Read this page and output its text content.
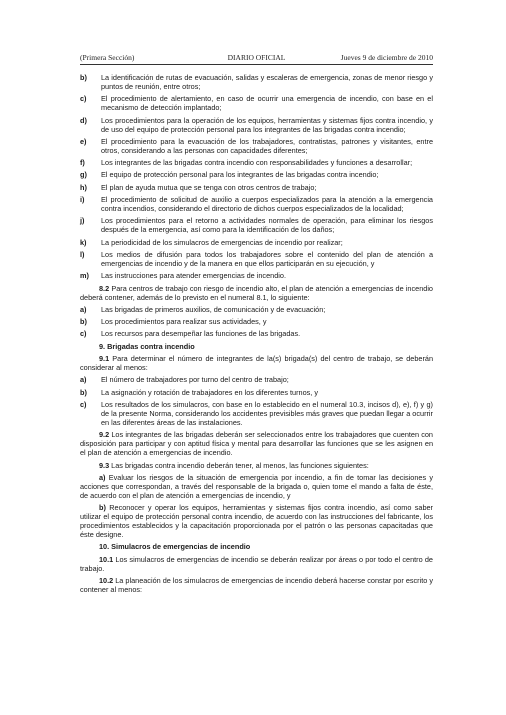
(Primera Sección)	DIARIO OFICIAL	Jueves 9 de diciembre de 2010
b) La identificación de rutas de evacuación, salidas y escaleras de emergencia, zonas de menor riesgo y puntos de reunión, entre otros;
c) El procedimiento de alertamiento, en caso de ocurrir una emergencia de incendio, con base en el mecanismo de detección implantado;
d) Los procedimientos para la operación de los equipos, herramientas y sistemas fijos contra incendio, y de uso del equipo de protección personal para los integrantes de las brigadas contra incendio;
e) El procedimiento para la evacuación de los trabajadores, contratistas, patrones y visitantes, entre otros, considerando a las personas con capacidades diferentes;
f) Los integrantes de las brigadas contra incendio con responsabilidades y funciones a desarrollar;
g) El equipo de protección personal para los integrantes de las brigadas contra incendio;
h) El plan de ayuda mutua que se tenga con otros centros de trabajo;
i) El procedimiento de solicitud de auxilio a cuerpos especializados para la atención a la emergencia contra incendios, considerando el directorio de dichos cuerpos especializados de la localidad;
j) Los procedimientos para el retorno a actividades normales de operación, para eliminar los riesgos después de la emergencia, así como para la identificación de los daños;
k) La periodicidad de los simulacros de emergencias de incendio por realizar;
l) Los medios de difusión para todos los trabajadores sobre el contenido del plan de atención a emergencias de incendio y de la manera en que ellos participarán en su ejecución, y
m) Las instrucciones para atender emergencias de incendio.
8.2 Para centros de trabajo con riesgo de incendio alto, el plan de atención a emergencias de incendio deberá contener, además de lo previsto en el numeral 8.1, lo siguiente:
a) Las brigadas de primeros auxilios, de comunicación y de evacuación;
b) Los procedimientos para realizar sus actividades, y
c) Los recursos para desempeñar las funciones de las brigadas.
9. Brigadas contra incendio
9.1 Para determinar el número de integrantes de la(s) brigada(s) del centro de trabajo, se deberán considerar al menos:
a) El número de trabajadores por turno del centro de trabajo;
b) La asignación y rotación de trabajadores en los diferentes turnos, y
c) Los resultados de los simulacros, con base en lo establecido en el numeral 10.3, incisos d), e), f) y g) de la presente Norma, considerando los accidentes previsibles más graves que puedan llegar a ocurrir en las diferentes áreas de las instalaciones.
9.2 Los integrantes de las brigadas deberán ser seleccionados entre los trabajadores que cuenten con disposición para participar y con aptitud física y mental para desarrollar las funciones que se les asignen en el plan de atención a emergencias de incendio.
9.3 Las brigadas contra incendio deberán tener, al menos, las funciones siguientes:
a) Evaluar los riesgos de la situación de emergencia por incendio, a fin de tomar las decisiones y acciones que correspondan, a través del responsable de la brigada o, quien tome el mando a falta de éste, de acuerdo con el plan de atención a emergencias de incendio, y
b) Reconocer y operar los equipos, herramientas y sistemas fijos contra incendio, así como saber utilizar el equipo de protección personal contra incendio, de acuerdo con las instrucciones del fabricante, los procedimientos establecidos y la capacitación proporcionada por el patrón o las personas capacitadas que éste designe.
10. Simulacros de emergencias de incendio
10.1 Los simulacros de emergencias de incendio se deberán realizar por áreas o por todo el centro de trabajo.
10.2 La planeación de los simulacros de emergencias de incendio deberá hacerse constar por escrito y contener al menos:
